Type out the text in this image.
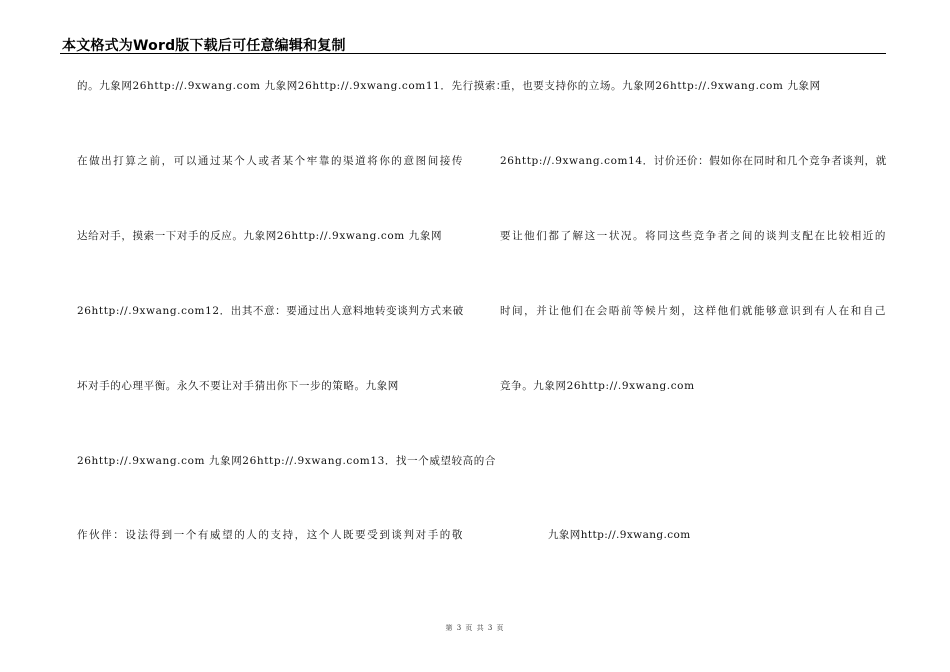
本文格式为Word版下载后可任意编辑和复制
的。九象网26http://.9xwang.com 九象网26http://.9xwang.com11．先行摸索：
在做出打算之前，可以通过某个人或者某个牢靠的渠道将你的意图间接传
达给对手，摸索一下对手的反应。九象网26http://.9xwang.com 九象网
26http://.9xwang.com12．出其不意：要通过出人意料地转变谈判方式来破
坏对手的心理平衡。永久不要让对手猜出你下一步的策略。九象网
26http://.9xwang.com 九象网26http://.9xwang.com13．找一个威望较高的合
作伙伴：设法得到一个有威望的人的支持，这个人既要受到谈判对手的敬
重，也要支持你的立场。九象网26http://.9xwang.com 九象网
26http://.9xwang.com14．讨价还价：假如你在同时和几个竞争者谈判，就
要让他们都了解这一状况。将同这些竞争者之间的谈判支配在比较相近的
时间，并让他们在会晤前等候片刻，这样他们就能够意识到有人在和自己
竞争。九象网26http://.9xwang.com
九象网http://.9xwang.com
第 3 页 共 3 页
